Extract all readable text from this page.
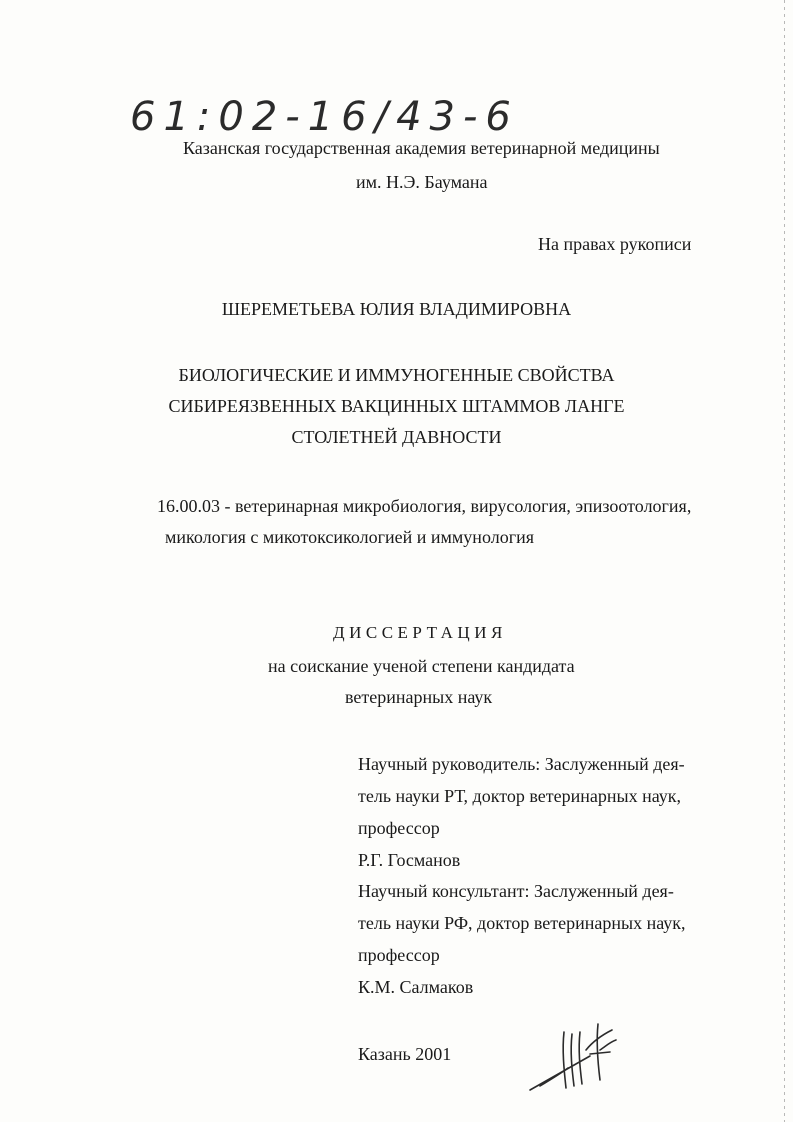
61:02-16/43-6

Казанская государственная академия ветеринарной медицины

им. Н.Э. Баумана

На правах рукописи

ШЕРЕМЕТЬЕВА ЮЛИЯ ВЛАДИМИРОВНА

БИОЛОГИЧЕСКИЕ И ИММУНОГЕННЫЕ СВОЙСТВА

СИБИРЕЯЗВЕННЫХ ВАКЦИННЫХ ШТАММОВ ЛАНГЕ

СТОЛЕТНЕЙ ДАВНОСТИ

16.00.03 - ветеринарная микробиология, вирусология, эпизоотология,

микология с микотоксикологией и иммунология

ДИССЕРТАЦИЯ

на соискание ученой степени кандидата

ветеринарных наук

Научный руководитель: Заслуженный дея-

тель науки РТ, доктор ветеринарных наук,

профессор

Р.Г. Госманов

Научный консультант: Заслуженный дея-

тель науки РФ, доктор ветеринарных наук,

профессор

К.М. Салмаков

Казань 2001
